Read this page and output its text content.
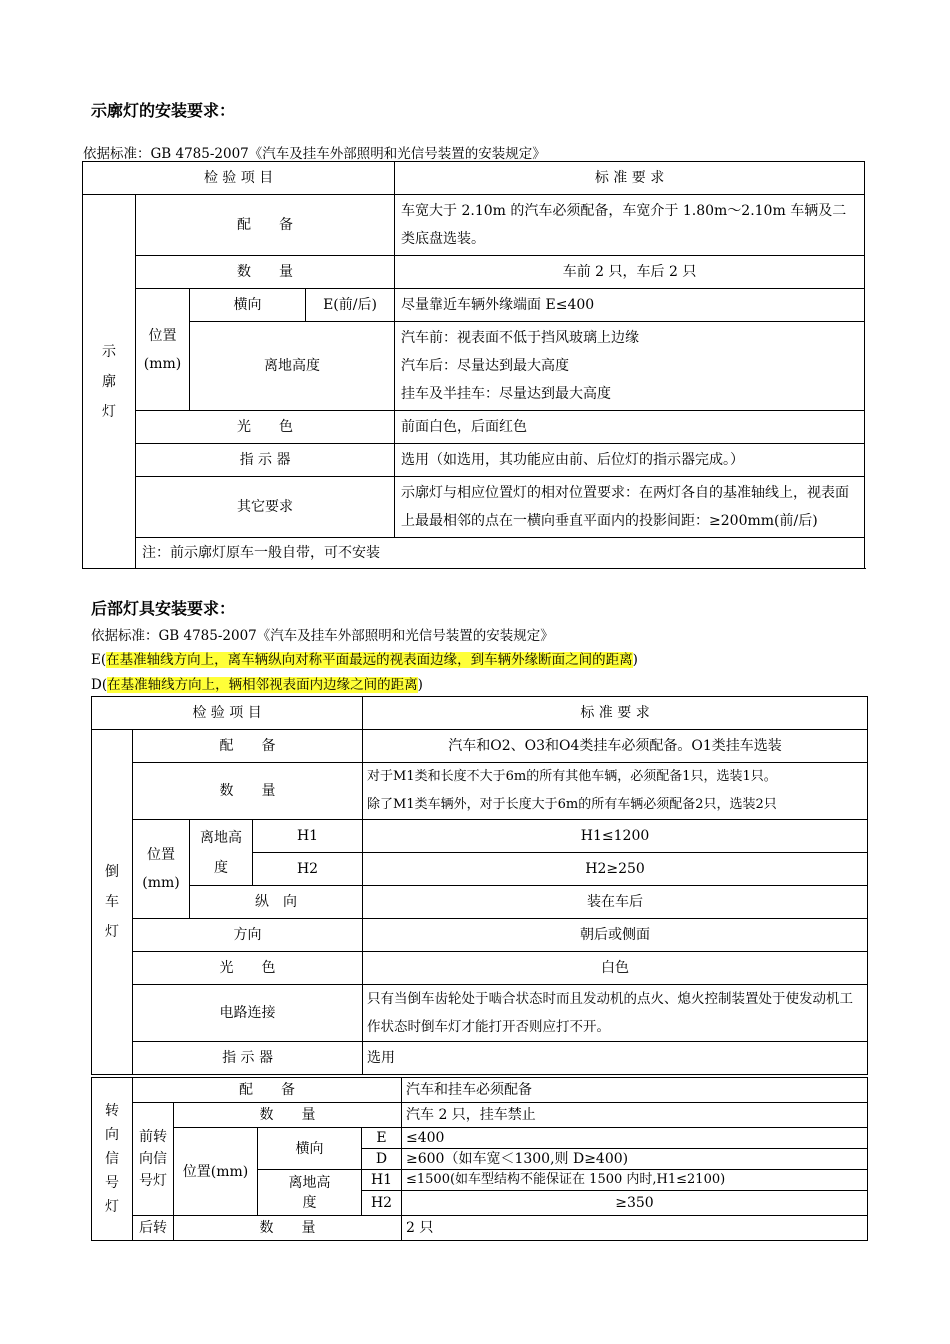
示廓灯的安装要求：
依据标准：GB 4785-2007《汽车及挂车外部照明和光信号装置的安装规定》
检 验 项 目				标 准 要 求
示廓灯	配　　备			车宽大于 2.10m 的汽车必须配备，车宽介于 1.80m～2.10m 车辆及二类底盘选装。
	数　　量			车前 2 只，车后 2 只
	位置(mm)	横向	E(前/后)	尽量靠近车辆外缘端面 E≤400
		离地高度		汽车前：视表面不低于挡风玻璃上边缘
汽车后：尽量达到最大高度
挂车及半挂车：尽量达到最大高度

	光　　色			前面白色，后面红色
	指 示 器			选用（如选用，其功能应由前、后位灯的指示器完成。）
	其它要求			示廓灯与相应位置灯的相对位置要求：在两灯各自的基准轴线上，视表面上最最相邻的点在一横向垂直平面内的投影间距：≥200mm(前/后)
	注：前示廓灯原车一般自带，可不安装			
后部灯具安装要求：
依据标准：GB 4785-2007《汽车及挂车外部照明和光信号装置的安装规定》
E(在基准轴线方向上，离车辆纵向对称平面最远的视表面边缘，到车辆外缘断面之间的距离)
D(在基准轴线方向上，辆相邻视表面内边缘之间的距离)
检 验 项 目				标 准 要 求
倒车灯	配　　备			汽车和O2、O3和O4类挂车必须配备。O1类挂车选装
	数　　量			对于M1类和长度不大于6m的所有其他车辆，必须配备1只，选装1只。
除了M1类车辆外，对于长度大于6m的所有车辆必须配备2只，选装2只

	位置(mm)	离地高度	H1	H1≤1200
			H2	H2≥250
		纵　向		装在车后
	方向			朝后或侧面
	光　　色			白色
	电路连接			只有当倒车齿轮处于啮合状态时而且发动机的点火、熄火控制装置处于使发动机工作状态时倒车灯才能打开否则应打不开。
	指 示 器			选用
转向信号灯	配　　备				汽车和挂车必须配备
	前转向信号灯	数　　量			汽车 2 只，挂车禁止
		位置(mm)	横向	E	≤400
				D	≥600（如车宽＜1300,则 D≥400)
			离地高度	H1	≤1500(如车型结构不能保证在 1500 内时,H1≤2100)
				H2	≥350
	后转	数　　量			2 只
